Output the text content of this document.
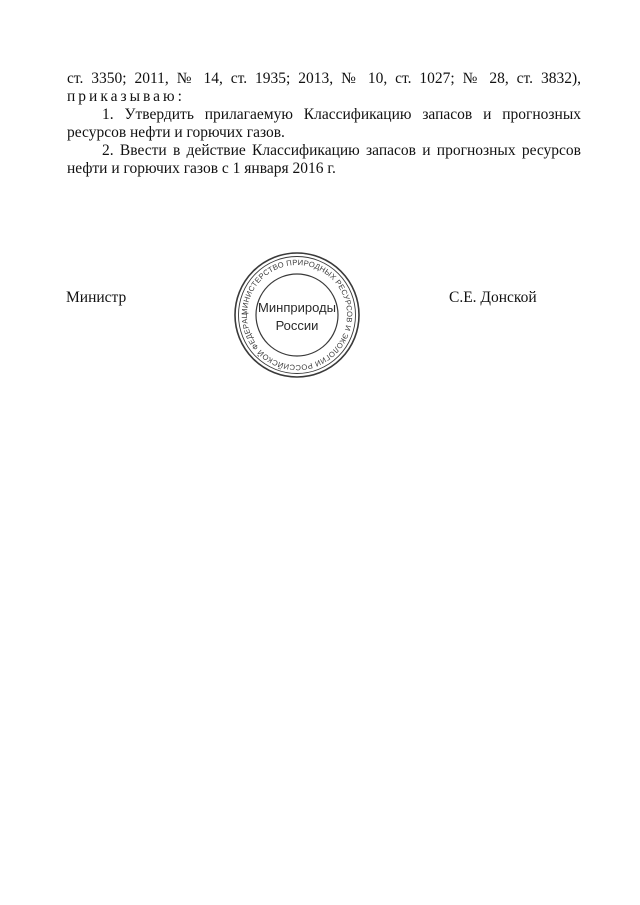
ст. 3350; 2011, № 14, ст. 1935; 2013, № 10, ст. 1027; № 28, ст. 3832),
приказываю:
1. Утвердить прилагаемую Классификацию запасов и прогнозных
ресурсов нефти и горючих газов.
2. Ввести в действие Классификацию запасов и прогнозных ресурсов
нефти и горючих газов с 1 января 2016 г.
Министр
МИНИСТЕРСТВО ПРИРОДНЫХ РЕСУРСОВ И ЭКОЛОГИИ РОССИЙСКОЙ ФЕДЕРАЦ
Минприроды
России
С.Е. Донской
